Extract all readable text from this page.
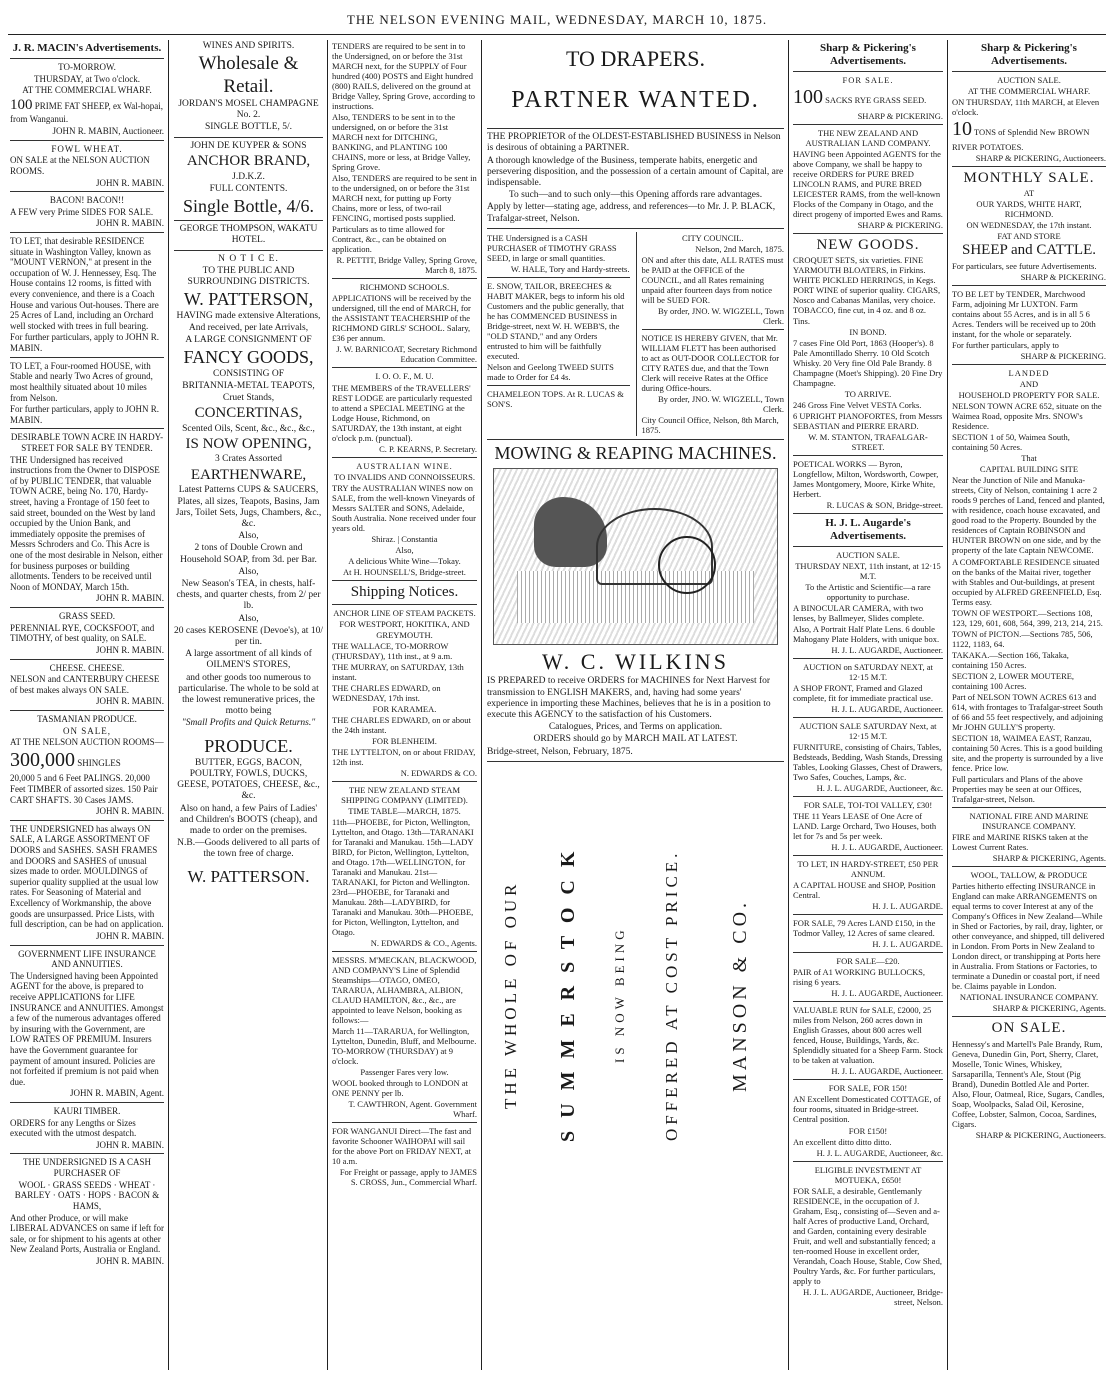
THE NELSON EVENING MAIL, WEDNESDAY, MARCH 10, 1875.
J. R. MACIN's Advertisements.

TO-MORROW.

THURSDAY, at Two o'clock.

AT THE COMMERCIAL WHARF.

100 PRIME FAT SHEEP, ex Wal-hopai, from Wanganui.

JOHN R. MABIN, Auctioneer.

FOWL WHEAT.

ON SALE at the NELSON AUCTION ROOMS.

JOHN R. MABIN.

BACON! BACON!!

A FEW very Prime SIDES FOR SALE.

JOHN R. MABIN.

TO LET, that desirable RESIDENCE situate in Washington Valley, known as "MOUNT VERNON," at present in the occupation of W. J. Hennessey, Esq. The House contains 12 rooms, is fitted with every convenience, and there is a Coach House and various Out-houses. There are 25 Acres of Land, including an Orchard well stocked with trees in full bearing.

For further particulars, apply to JOHN R. MABIN.

TO LET, a Four-roomed HOUSE, with Stable and nearly Two Acres of ground, most healthily situated about 10 miles from Nelson.

For further particulars, apply to JOHN R. MABIN.

DESIRABLE TOWN ACRE IN HARDY-STREET FOR SALE BY TENDER.

THE Undersigned has received instructions from the Owner to DISPOSE of by PUBLIC TENDER, that valuable TOWN ACRE, being No. 170, Hardy-street, having a Frontage of 150 feet to said street, bounded on the West by land occupied by the Union Bank, and immediately opposite the premises of Messrs Schroders and Co. This Acre is one of the most desirable in Nelson, either for business purposes or building allotments. Tenders to be received until Noon of MONDAY, March 15th.

JOHN R. MABIN.

GRASS SEED.

PERENNIAL RYE, COCKSFOOT, and TIMOTHY, of best quality, on SALE.

JOHN R. MABIN.

CHEESE. CHEESE.

NELSON and CANTERBURY CHEESE of best makes always ON SALE.

JOHN R. MABIN.

TASMANIAN PRODUCE.

ON SALE,

AT THE NELSON AUCTION ROOMS—

300,000 SHINGLES

20,000 5 and 6 Feet PALINGS. 20,000 Feet TIMBER of assorted sizes. 150 Pair CART SHAFTS. 30 Cases JAMS.

JOHN R. MABIN.

THE UNDERSIGNED has always ON SALE, A LARGE ASSORTMENT OF DOORS and SASHES. SASH FRAMES and DOORS and SASHES of unusual sizes made to order. MOULDINGS of superior quality supplied at the usual low rates. For Seasoning of Material and Excellency of Workmanship, the above goods are unsurpassed. Price Lists, with full description, can be had on application.

JOHN R. MABIN.

GOVERNMENT LIFE INSURANCE AND ANNUITIES.

The Undersigned having been Appointed AGENT for the above, is prepared to receive APPLICATIONS for LIFE INSURANCE and ANNUITIES. Amongst a few of the numerous advantages offered by insuring with the Government, are LOW RATES OF PREMIUM. Insurers have the Government guarantee for payment of amount insured. Policies are not forfeited if premium is not paid when due.

JOHN R. MABIN, Agent.

KAURI TIMBER.

ORDERS for any Lengths or Sizes executed with the utmost despatch.

JOHN R. MABIN.

THE UNDERSIGNED IS A CASH PURCHASER OF

WOOL · GRASS SEEDS · WHEAT · BARLEY · OATS · HOPS · BACON & HAMS,

And other Produce, or will make LIBERAL ADVANCES on same if left for sale, or for shipment to his agents at other New Zealand Ports, Australia or England.

JOHN R. MABIN.

WINES AND SPIRITS.

Wholesale & Retail.

JORDAN'S MOSEL CHAMPAGNE No. 2.

SINGLE BOTTLE, 5/.

JOHN DE KUYPER & SONS

ANCHOR BRAND,

J.D.K.Z.

FULL CONTENTS.

Single Bottle, 4/6.

GEORGE THOMPSON, WAKATU HOTEL.

N O T I C E.

TO THE PUBLIC AND SURROUNDING DISTRICTS.

W. PATTERSON,

HAVING made extensive Alterations, And received, per late Arrivals,

A LARGE CONSIGNMENT OF

FANCY GOODS,

CONSISTING OF

BRITANNIA-METAL TEAPOTS, Cruet Stands,

CONCERTINAS,

Scented Oils, Scent, &c., &c., &c.,

IS NOW OPENING,

3 Crates Assorted

EARTHENWARE,

Latest Patterns CUPS & SAUCERS, Plates, all sizes, Teapots, Basins, Jam Jars, Toilet Sets, Jugs, Chambers, &c., &c.

Also,

2 tons of Double Crown and Household SOAP, from 3d. per Bar.

Also,

New Season's TEA, in chests, half-chests, and quarter chests, from 2/ per lb.

Also,

20 cases KEROSENE (Devoe's), at 10/ per tin.

A large assortment of all kinds of OILMEN'S STORES,

and other goods too numerous to particularise. The whole to be sold at the lowest remunerative prices, the motto being

"Small Profits and Quick Returns."

PRODUCE.

BUTTER, EGGS, BACON, POULTRY, FOWLS, DUCKS, GEESE, POTATOES, CHEESE, &c., &c.

Also on hand, a few Pairs of Ladies' and Children's BOOTS (cheap), and made to order on the premises.

N.B.—Goods delivered to all parts of the town free of charge.

W. PATTERSON.

TENDERS are required to be sent in to the Undersigned, on or before the 31st MARCH next, for the SUPPLY of Four hundred (400) POSTS and Eight hundred (800) RAILS, delivered on the ground at Bridge Valley, Spring Grove, according to instructions.

Also, TENDERS to be sent in to the undersigned, on or before the 31st MARCH next for DITCHING, BANKING, and PLANTING 100 CHAINS, more or less, at Bridge Valley, Spring Grove.

Also, TENDERS are required to be sent in to the undersigned, on or before the 31st MARCH next, for putting up Forty Chains, more or less, of two-rail FENCING, mortised posts supplied.

Particulars as to time allowed for Contract, &c., can be obtained on application.

R. PETTIT, Bridge Valley, Spring Grove, March 8, 1875.

RICHMOND SCHOOLS.

APPLICATIONS will be received by the undersigned, till the end of MARCH, for the ASSISTANT TEACHERSHIP of the RICHMOND GIRLS' SCHOOL. Salary, £36 per annum.

J. W. BARNICOAT, Secretary Richmond Education Committee.

I. O. O. F., M. U.

THE MEMBERS of the TRAVELLERS' REST LODGE are particularly requested to attend a SPECIAL MEETING at the Lodge House, Richmond, on SATURDAY, the 13th instant, at eight o'clock p.m. (punctual).

C. P. KEARNS, P. Secretary.

AUSTRALIAN WINE.

TO INVALIDS AND CONNOISSEURS.

TRY the AUSTRALIAN WINES now on SALE, from the well-known Vineyards of Messrs SALTER and SONS, Adelaide, South Australia. None received under four years old.

Shiraz. | Constantia

Also,

A delicious White Wine—Tokay.

At H. HOUNSELL'S, Bridge-street.

Shipping Notices.

ANCHOR LINE OF STEAM PACKETS.

FOR WESTPORT, HOKITIKA, AND GREYMOUTH.

THE WALLACE, TO-MORROW (THURSDAY), 11th inst., at 9 a.m.

THE MURRAY, on SATURDAY, 13th instant.

THE CHARLES EDWARD, on WEDNESDAY, 17th inst.

FOR KARAMEA.

THE CHARLES EDWARD, on or about the 24th instant.

FOR BLENHEIM.

THE LYTTELTON, on or about FRIDAY, 12th inst.

N. EDWARDS & CO.

THE NEW ZEALAND STEAM SHIPPING COMPANY (LIMITED).

TIME TABLE—MARCH, 1875.

11th—PHOEBE, for Picton, Wellington, Lyttelton, and Otago. 13th—TARANAKI for Taranaki and Manukau. 15th—LADY BIRD, for Picton, Wellington, Lyttelton, and Otago. 17th—WELLINGTON, for Taranaki and Manukau. 21st—TARANAKI, for Picton and Wellington. 23rd—PHOEBE, for Taranaki and Manukau. 28th—LADYBIRD, for Taranaki and Manukau. 30th—PHOEBE, for Picton, Wellington, Lyttelton, and Otago.

N. EDWARDS & CO., Agents.

MESSRS. M'MECKAN, BLACKWOOD, AND COMPANY'S Line of Splendid Steamships—OTAGO, OMEO, TARARUA, ALHAMBRA, ALBION, CLAUD HAMILTON, &c., &c., are appointed to leave Nelson, booking as follows:—

March 11—TARARUA, for Wellington, Lyttelton, Dunedin, Bluff, and Melbourne. TO-MORROW (THURSDAY) at 9 o'clock.

Passenger Fares very low.

WOOL booked through to LONDON at ONE PENNY per lb.

T. CAWTHRON, Agent. Government Wharf.

FOR WANGANUI Direct—The fast and favorite Schooner WAIHOPAI will sail for the above Port on FRIDAY NEXT, at 10 a.m.

For Freight or passage, apply to JAMES S. CROSS, Jun., Commercial Wharf.

TO DRAPERS.

PARTNER WANTED.

THE PROPRIETOR of the OLDEST-ESTABLISHED BUSINESS in Nelson is desirous of obtaining a PARTNER.

A thorough knowledge of the Business, temperate habits, energetic and persevering disposition, and the possession of a certain amount of Capital, are indispensable.

To such—and to such only—this Opening affords rare advantages.

Apply by letter—stating age, address, and references—to Mr. J. P. BLACK, Trafalgar-street, Nelson.

THE Undersigned is a CASH PURCHASER of TIMOTHY GRASS SEED, in large or small quantities.

W. HALE, Tory and Hardy-streets.

E. SNOW, TAILOR, BREECHES & HABIT MAKER, begs to inform his old Customers and the public generally, that he has COMMENCED BUSINESS in Bridge-street, next W. H. WEBB'S, the "OLD STAND," and any Orders entrusted to him will be faithfully executed.

Nelson and Geelong TWEED SUITS made to Order for £4 4s.

CHAMELEON TOPS. At R. LUCAS & SON'S.

CITY COUNCIL.

Nelson, 2nd March, 1875.

ON and after this date, ALL RATES must be PAID at the OFFICE of the COUNCIL, and all Rates remaining unpaid after fourteen days from notice will be SUED FOR.

By order, JNO. W. WIGZELL, Town Clerk.

NOTICE IS HEREBY GIVEN, that Mr. WILLIAM FLETT has been authorised to act as OUT-DOOR COLLECTOR for CITY RATES due, and that the Town Clerk will receive Rates at the Office during Office-hours.

By order, JNO. W. WIGZELL, Town Clerk.

City Council Office, Nelson, 8th March, 1875.

MOWING & REAPING MACHINES.

W. C. WILKINS

IS PREPARED to receive ORDERS for MACHINES for Next Harvest for transmission to ENGLISH MAKERS, and, having had some years' experience in importing these Machines, believes that he is in a position to execute this AGENCY to the satisfaction of his Customers.

Catalogues, Prices, and Terms on application.

ORDERS should go by MARCH MAIL AT LATEST.

Bridge-street, Nelson, February, 1875.

THE WHOLE OF OUR S U M M E R S T O C K	IS NOW BEING OFFERED AT COST PRICE. MANSON & CO.
Sharp & Pickering's Advertisements.

FOR SALE.

100 SACKS RYE GRASS SEED.

SHARP & PICKERING.

THE NEW ZEALAND AND AUSTRALIAN LAND COMPANY.

HAVING been Appointed AGENTS for the above Company, we shall be happy to receive ORDERS for PURE BRED LINCOLN RAMS, and PURE BRED LEICESTER RAMS, from the well-known Flocks of the Company in Otago, and the direct progeny of imported Ewes and Rams.

SHARP & PICKERING.

NEW GOODS.

CROQUET SETS, six varieties. FINE YARMOUTH BLOATERS, in Firkins. WHITE PICKLED HERRINGS, in Kegs. PORT WINE of superior quality. CIGARS, Nosco and Cabanas Manilas, very choice. TOBACCO, fine cut, in 4 oz. and 8 oz. Tins.

IN BOND.

7 cases Fine Old Port, 1863 (Hooper's). 8 Pale Amontillado Sherry. 10 Old Scotch Whisky. 20 Very fine Old Pale Brandy. 8 Champagne (Moet's Shipping). 20 Fine Dry Champagne.

TO ARRIVE.

246 Gross Fine Velvet VESTA Corks.

6 UPRIGHT PIANOFORTES, from Messrs SEBASTIAN and PIERRE ERARD.

W. M. STANTON, TRAFALGAR-STREET.

POETICAL WORKS — Byron, Longfellow, Milton, Wordsworth, Cowper, James Montgomery, Moore, Kirke White, Herbert.

R. LUCAS & SON, Bridge-street.

H. J. L. Augarde's Advertisements.

AUCTION SALE.

THURSDAY NEXT, 11th instant, at 12·15 M.T.

To the Artistic and Scientific—a rare opportunity to purchase.

A BINOCULAR CAMERA, with two lenses, by Ballmeyer, Slides complete.

Also, A Portrait Half Plate Lens. 6 double Mahogany Plate Holders, with unique box.

H. J. L. AUGARDE, Auctioneer.

AUCTION on SATURDAY NEXT, at 12·15 M.T.

A SHOP FRONT, Framed and Glazed complete, fit for immediate practical use.

H. J. L. AUGARDE, Auctioneer.

AUCTION SALE SATURDAY Next, at 12·15 M.T.

FURNITURE, consisting of Chairs, Tables, Bedsteads, Bedding, Wash Stands, Dressing Tables, Looking Glasses, Chest of Drawers, Two Safes, Couches, Lamps, &c.

H. J. L. AUGARDE, Auctioneer, &c.

FOR SALE, TOI-TOI VALLEY, £30!

THE 11 Years LEASE of One Acre of LAND. Large Orchard, Two Houses, both let for 7s and 5s per week.

H. J. L. AUGARDE, Auctioneer.

TO LET, IN HARDY-STREET, £50 PER ANNUM.

A CAPITAL HOUSE and SHOP, Position Central.

H. J. L. AUGARDE.

FOR SALE, 79 Acres LAND £150, in the Todmor Valley, 12 Acres of same cleared.

H. J. L. AUGARDE.

FOR SALE—£20.

PAIR of A1 WORKING BULLOCKS, rising 6 years.

H. J. L. AUGARDE, Auctioneer.

VALUABLE RUN for SALE, £2000, 25 miles from Nelson, 260 acres down in English Grasses, about 800 acres well fenced, House, Buildings, Yards, &c. Splendidly situated for a Sheep Farm. Stock to be taken at valuation.

H. J. L. AUGARDE, Auctioneer.

FOR SALE, FOR 150!

AN Excellent Domesticated COTTAGE, of four rooms, situated in Bridge-street. Central position.

FOR £150!

An excellent ditto ditto ditto.

H. J. L. AUGARDE, Auctioneer, &c.

ELIGIBLE INVESTMENT AT MOTUEKA, £650!

FOR SALE, a desirable, Gentlemanly RESIDENCE, in the occupation of J. Graham, Esq., consisting of—Seven and a-half Acres of productive Land, Orchard, and Garden, containing every desirable Fruit, and well and substantially fenced; a ten-roomed House in excellent order, Verandah, Coach House, Stable, Cow Shed, Poultry Yards, &c. For further particulars, apply to

H. J. L. AUGARDE, Auctioneer, Bridge-street, Nelson.

Sharp & Pickering's Advertisements.

AUCTION SALE.

AT THE COMMERCIAL WHARF.

ON THURSDAY, 11th MARCH, at Eleven o'clock.

10 TONS of Splendid New BROWN RIVER POTATOES.

SHARP & PICKERING, Auctioneers.

MONTHLY SALE.

AT

OUR YARDS, WHITE HART, RICHMOND.

ON WEDNESDAY, the 17th instant.

FAT AND STORE

SHEEP and CATTLE.

For particulars, see future Advertisements.

SHARP & PICKERING.

TO BE LET by TENDER, Marchwood Farm, adjoining Mr LUXTON. Farm contains about 55 Acres, and is in all 5 6 Acres. Tenders will be received up to 20th instant, for the whole or separately.

For further particulars, apply to

SHARP & PICKERING.

LANDED

AND

HOUSEHOLD PROPERTY FOR SALE.

NELSON TOWN ACRE 652, situate on the Waimea Road, opposite Mrs. SNOW's Residence.

SECTION 1 of 50, Waimea South, containing 50 Acres.

That

CAPITAL BUILDING SITE

Near the Junction of Nile and Manuka-streets, City of Nelson, containing 1 acre 2 roods 9 perches of Land, fenced and planted, with residence, coach house excavated, and good road to the Property. Bounded by the residences of Captain ROBINSON and HUNTER BROWN on one side, and by the property of the late Captain NEWCOME.

A COMFORTABLE RESIDENCE situated on the banks of the Maitai river, together with Stables and Out-buildings, at present occupied by ALFRED GREENFIELD, Esq. Terms easy.

TOWN OF WESTPORT.—Sections 108, 123, 129, 601, 608, 564, 399, 213, 214, 215.

TOWN of PICTON.—Sections 785, 506, 1122, 1183, 64.

TAKAKA.—Section 166, Takaka, containing 150 Acres.

SECTION 2, LOWER MOUTERE, containing 100 Acres.

Part of NELSON TOWN ACRES 613 and 614, with frontages to Trafalgar-street South of 66 and 55 feet respectively, and adjoining Mr JOHN GULLY'S property.

SECTION 18, WAIMEA EAST, Ranzau, containing 50 Acres. This is a good building site, and the property is surrounded by a live fence. Price low.

Full particulars and Plans of the above Properties may be seen at our Offices, Trafalgar-street, Nelson.

NATIONAL FIRE AND MARINE INSURANCE COMPANY.

FIRE and MARINE RISKS taken at the Lowest Current Rates.

SHARP & PICKERING, Agents.

WOOL, TALLOW, & PRODUCE

Parties hitherto effecting INSURANCE in England can make ARRANGEMENTS on equal terms to cover Interest at any of the Company's Offices in New Zealand—While in Shed or Factories, by rail, dray, lighter, or other conveyance, and shipped, till delivered in London. From Ports in New Zealand to London direct, or transhipping at Ports here in Australia. From Stations or Factories, to terminate a Dunedin or coastal port, if need be. Claims payable in London.

NATIONAL INSURANCE COMPANY.

SHARP & PICKERING, Agents.

ON SALE.

Hennessy's and Martell's Pale Brandy, Rum, Geneva, Dunedin Gin, Port, Sherry, Claret, Moselle, Tonic Wines, Whiskey, Sarsaparilla, Tennent's Ale, Stout (Pig Brand), Dunedin Bottled Ale and Porter. Also, Flour, Oatmeal, Rice, Sugars, Candles, Soap, Woolpacks, Salad Oil, Kerosine, Coffee, Lobster, Salmon, Cocoa, Sardines, Cigars.

SHARP & PICKERING, Auctioneers.
